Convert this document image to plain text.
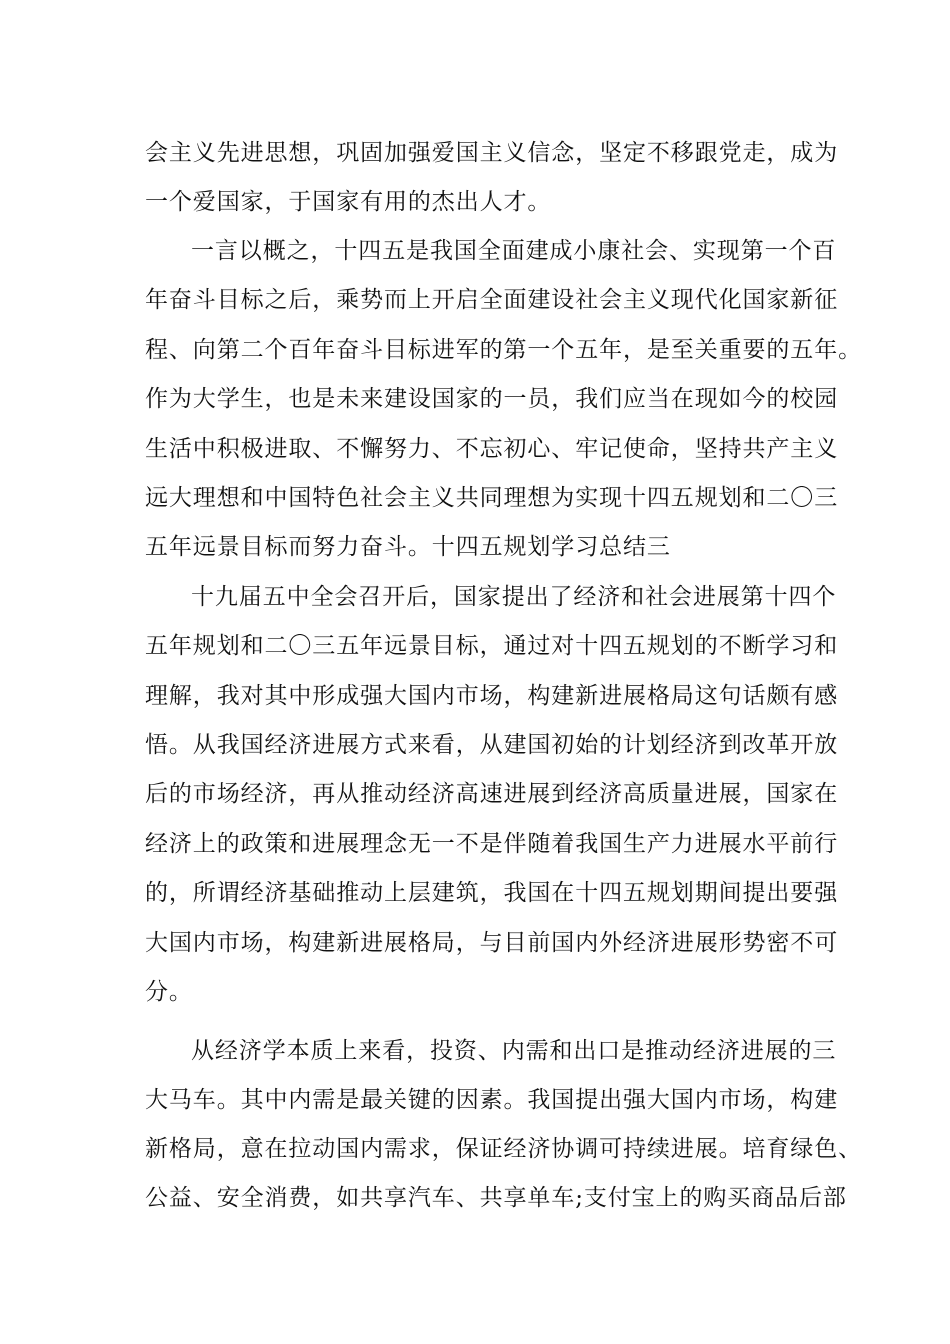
会主义先进思想，巩固加强爱国主义信念，坚定不移跟党走，成为
一个爱国家，于国家有用的杰出人才。
一言以概之，十四五是我国全面建成小康社会、实现第一个百
年奋斗目标之后，乘势而上开启全面建设社会主义现代化国家新征
程、向第二个百年奋斗目标进军的第一个五年，是至关重要的五年。
作为大学生，也是未来建设国家的一员，我们应当在现如今的校园
生活中积极进取、不懈努力、不忘初心、牢记使命，坚持共产主义
远大理想和中国特色社会主义共同理想为实现十四五规划和二〇三
五年远景目标而努力奋斗。十四五规划学习总结三
十九届五中全会召开后，国家提出了经济和社会进展第十四个
五年规划和二〇三五年远景目标，通过对十四五规划的不断学习和
理解，我对其中形成强大国内市场，构建新进展格局这句话颇有感
悟。从我国经济进展方式来看，从建国初始的计划经济到改革开放
后的市场经济，再从推动经济高速进展到经济高质量进展，国家在
经济上的政策和进展理念无一不是伴随着我国生产力进展水平前行
的，所谓经济基础推动上层建筑，我国在十四五规划期间提出要强
大国内市场，构建新进展格局，与目前国内外经济进展形势密不可
分。
从经济学本质上来看，投资、内需和出口是推动经济进展的三
大马车。其中内需是最关键的因素。我国提出强大国内市场，构建
新格局，意在拉动国内需求，保证经济协调可持续进展。培育绿色、
公益、安全消费，如共享汽车、共享单车;支付宝上的购买商品后部
